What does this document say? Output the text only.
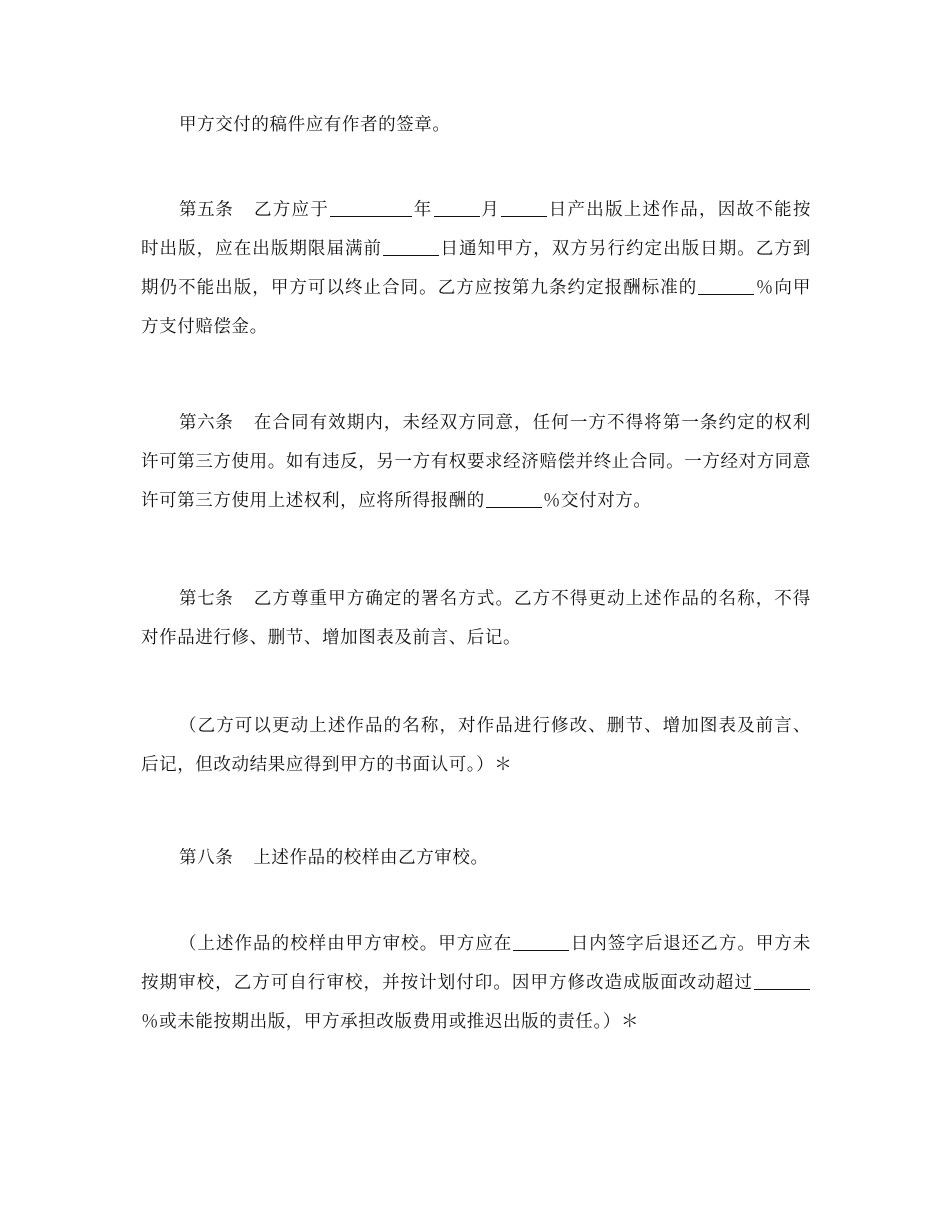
甲方交付的稿件应有作者的签章。

第五条 乙方应于	年	月	日产出版上述作品，因故不能按时出版，应在出版期限届满前	日通知甲方，双方另行约定出版日期。乙方到期仍不能出版，甲方可以终止合同。乙方应按第九条约定报酬标准的	％向甲方支付赔偿金。

第六条 在合同有效期内，未经双方同意，任何一方不得将第一条约定的权利许可第三方使用。如有违反，另一方有权要求经济赔偿并终止合同。一方经对方同意许可第三方使用上述权利，应将所得报酬的	％交付对方。

第七条 乙方尊重甲方确定的署名方式。乙方不得更动上述作品的名称，不得对作品进行修、删节、增加图表及前言、后记。

（乙方可以更动上述作品的名称，对作品进行修改、删节、增加图表及前言、后记，但改动结果应得到甲方的书面认可。）＊

第八条 上述作品的校样由乙方审校。

（上述作品的校样由甲方审校。甲方应在	日内签字后退还乙方。甲方未按期审校，乙方可自行审校，并按计划付印。因甲方修改造成版面改动超过％或未能按期出版，甲方承担改版费用或推迟出版的责任。）＊
